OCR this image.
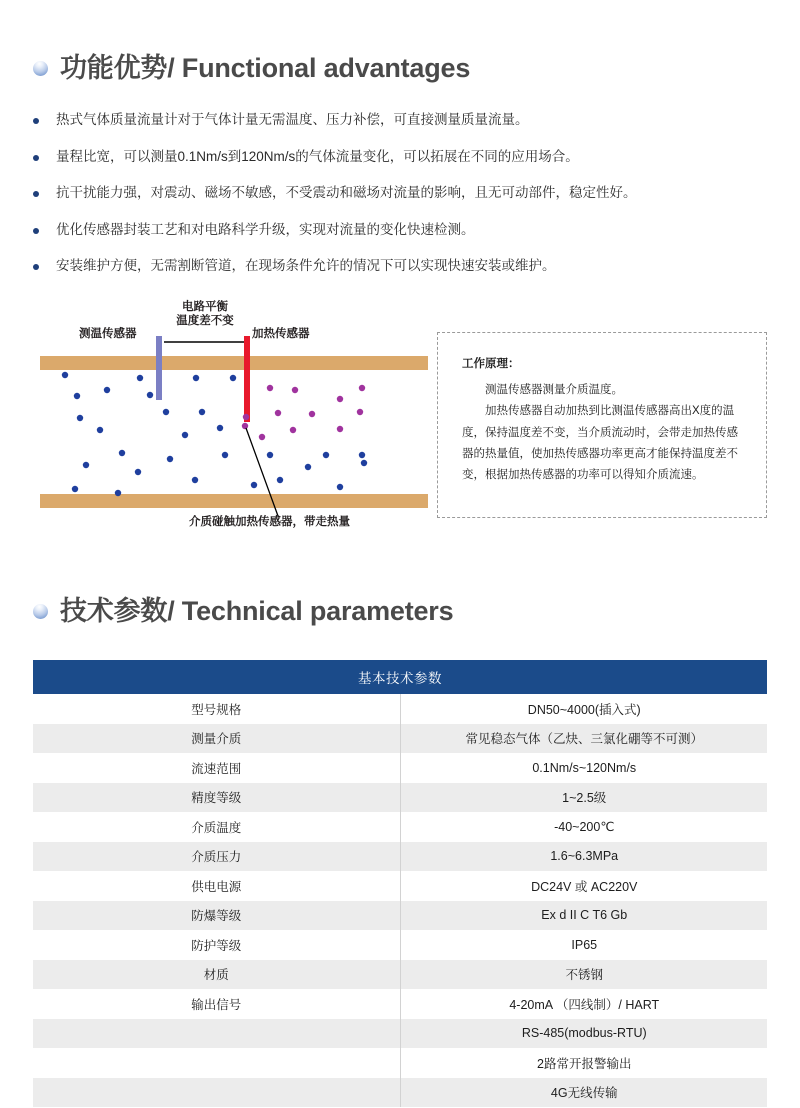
功能优势/ Functional advantages
热式气体质量流量计对于气体计量无需温度、压力补偿，可直接测量质量流量。
量程比宽，可以测量0.1Nm/s到120Nm/s的气体流量变化，可以拓展在不同的应用场合。
抗干扰能力强，对震动、磁场不敏感，不受震动和磁场对流量的影响，且无可动部件，稳定性好。
优化传感器封装工艺和对电路科学升级，实现对流量的变化快速检测。
安装维护方便，无需割断管道，在现场条件允许的情况下可以实现快速安装或维护。
测温传感器
电路平衡
温度差不变
加热传感器
介质碰触加热传感器，带走热量
工作原理：
测温传感器测量介质温度。
加热传感器自动加热到比测温传感器高出X度的温度，保持温度差不变，当介质流动时，会带走加热传感器的热量值，使加热传感器功率更高才能保持温度差不变，根据加热传感器的功率可以得知介质流速。
技术参数/ Technical parameters
基本技术参数	
型号规格	DN50~4000(插入式)
测量介质	常见稳态气体（乙炔、三氯化硼等不可测）
流速范围	0.1Nm/s~120Nm/s
精度等级	1~2.5级
介质温度	-40~200℃
介质压力	1.6~6.3MPa
供电电源	DC24V 或 AC220V
防爆等级	Ex d II C T6 Gb
防护等级	IP65
材质	不锈钢
输出信号	4-20mA （四线制）/ HART
	RS-485(modbus-RTU)
	2路常开报警输出
	4G无线传输
